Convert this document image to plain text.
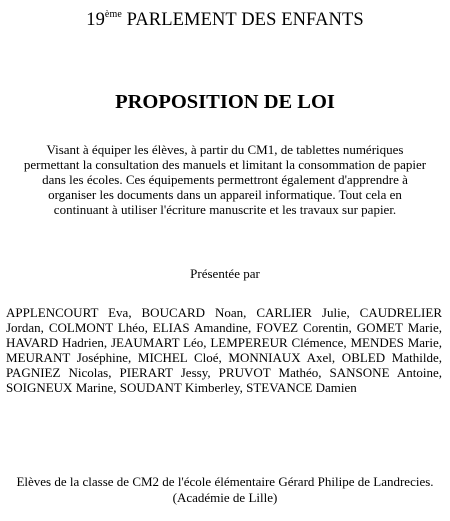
19ème PARLEMENT DES ENFANTS
PROPOSITION DE LOI
Visant à équiper les élèves, à partir du CM1, de tablettes numériques permettant la consultation des manuels et limitant la consommation de papier dans les écoles. Ces équipements permettront également d'apprendre à organiser les documents dans un appareil informatique. Tout cela en continuant à utiliser l'écriture manuscrite et les travaux sur papier.
Présentée par

APPLENCOURT Eva, BOUCARD Noan, CARLIER Julie, CAUDRELIER Jordan, COLMONT Lhéo, ELIAS Amandine, FOVEZ Corentin, GOMET Marie, HAVARD Hadrien, JEAUMART Léo, LEMPEREUR Clémence, MENDES Marie, MEURANT Joséphine, MICHEL Cloé, MONNIAUX Axel, OBLED Mathilde, PAGNIEZ Nicolas, PIERART Jessy, PRUVOT Mathéo, SANSONE Antoine, SOIGNEUX Marine, SOUDANT Kimberley, STEVANCE Damien

Elèves de la classe de CM2 de l'école élémentaire Gérard Philipe de Landrecies.
(Académie de Lille)
